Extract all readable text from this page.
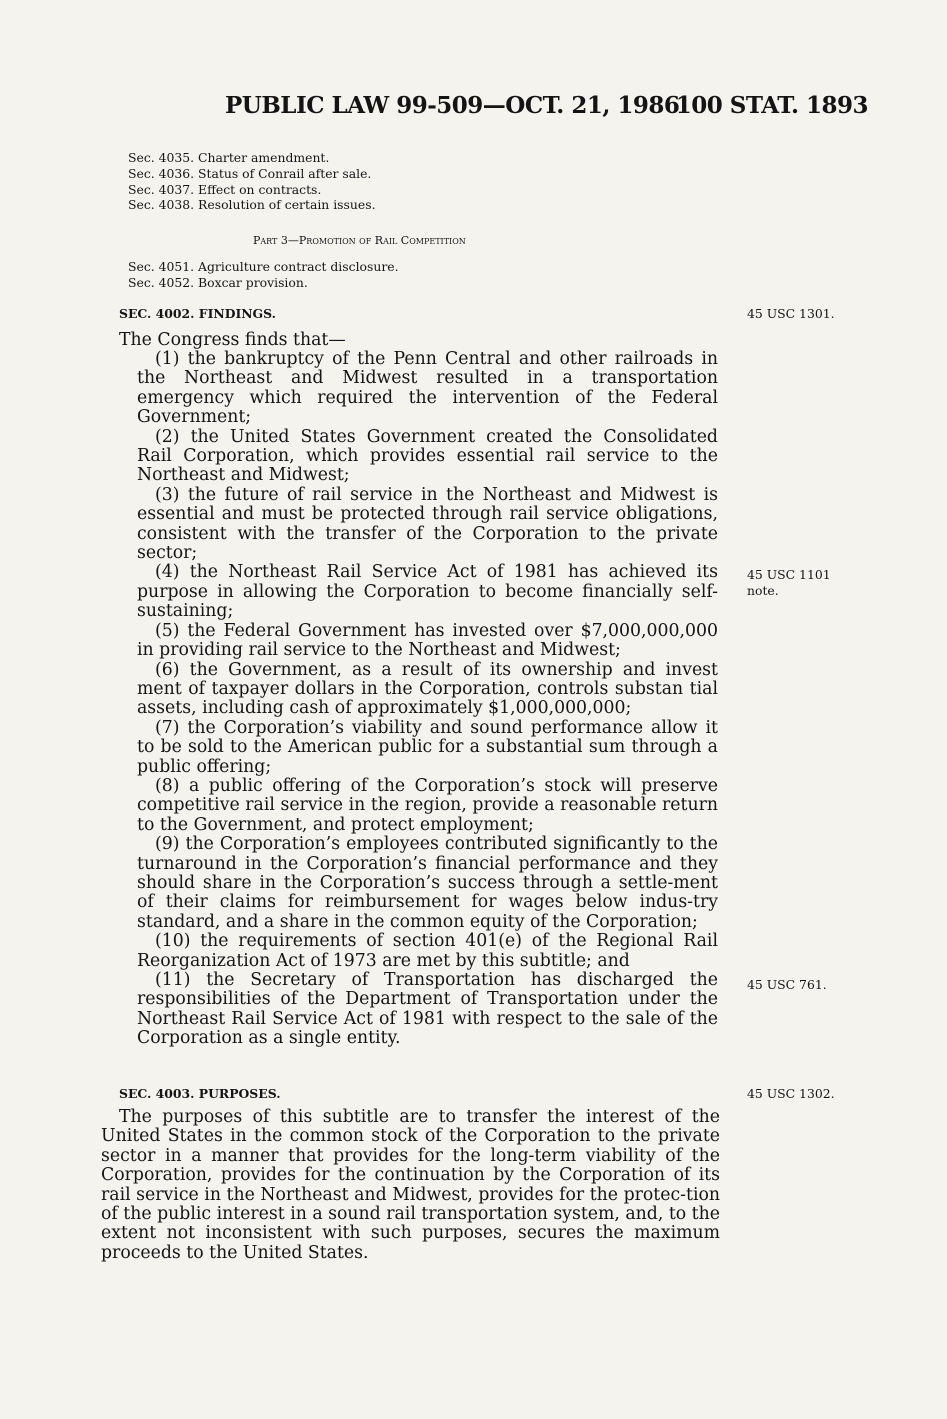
PUBLIC LAW 99-509—OCT. 21, 1986
100 STAT. 1893
Sec. 4035. Charter amendment.
Sec. 4036. Status of Conrail after sale.
Sec. 4037. Effect on contracts.
Sec. 4038. Resolution of certain issues.
Part 3—Promotion of Rail Competition
Sec. 4051. Agriculture contract disclosure.
Sec. 4052. Boxcar provision.
SEC. 4002. FINDINGS.	45 USC 1301.
The Congress finds that—

(1) the bankruptcy of the Penn Central and other railroads in the Northeast and Midwest resulted in a transportation emergency which required the intervention of the Federal Government;

(2) the United States Government created the Consolidated Rail Corporation, which provides essential rail service to the Northeast and Midwest;

(3) the future of rail service in the Northeast and Midwest is essential and must be protected through rail service obligations, consistent with the transfer of the Corporation to the private sector;

(4) the Northeast Rail Service Act of 1981 has achieved its purpose in allowing the Corporation to become financially self-sustaining;

(5) the Federal Government has invested over $7,000,000,000 in providing rail service to the Northeast and Midwest;

(6) the Government, as a result of its ownership and invest ment of taxpayer dollars in the Corporation, controls substan tial assets, including cash of approximately $1,000,000,000;

(7) the Corporation’s viability and sound performance allow it to be sold to the American public for a substantial sum through a public offering;

(8) a public offering of the Corporation’s stock will preserve competitive rail service in the region, provide a reasonable return to the Government, and protect employment;

(9) the Corporation’s employees contributed significantly to the turnaround in the Corporation’s financial performance and they should share in the Corporation’s success through a settle-ment of their claims for reimbursement for wages below indus-try standard, and a share in the common equity of the Corporation;

(10) the requirements of section 401(e) of the Regional Rail Reorganization Act of 1973 are met by this subtitle; and

(11) the Secretary of Transportation has discharged the responsibilities of the Department of Transportation under the Northeast Rail Service Act of 1981 with respect to the sale of the Corporation as a single entity.

45 USC 1101
note.
45 USC 761.
SEC. 4003. PURPOSES.	45 USC 1302.

The purposes of this subtitle are to transfer the interest of the United States in the common stock of the Corporation to the private sector in a manner that provides for the long-term viability of the Corporation, provides for the continuation by the Corporation of its rail service in the Northeast and Midwest, provides for the protec-tion of the public interest in a sound rail transportation system, and, to the extent not inconsistent with such purposes, secures the maximum proceeds to the United States.
